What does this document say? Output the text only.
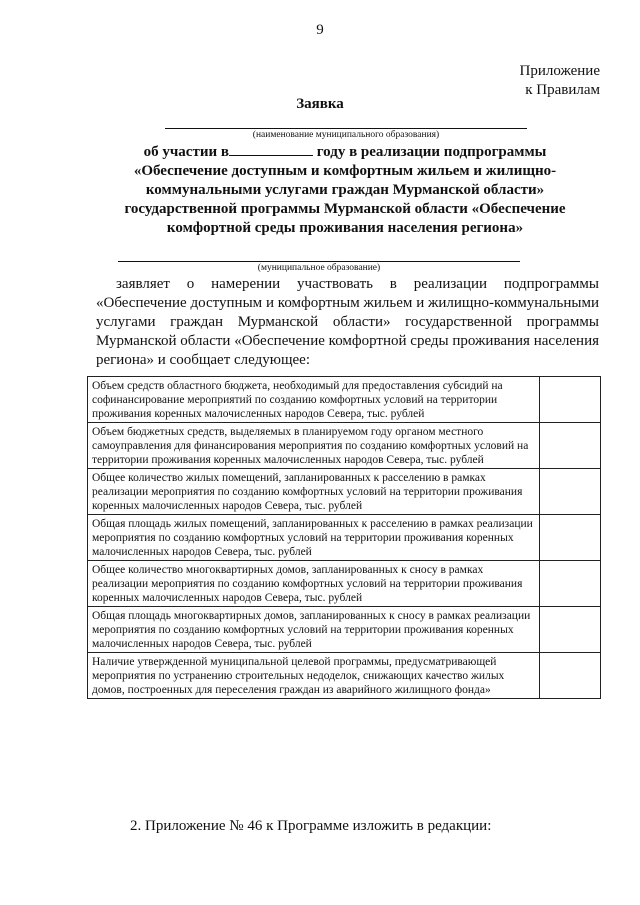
9
Приложение
к Правилам
Заявка
(наименование муниципального образования)
об участии в	году в реализации подпрограммы
«Обеспечение доступным и комфортным жильем и жилищно-
коммунальными услугами граждан Мурманской области»
государственной программы Мурманской области «Обеспечение
комфортной среды проживания населения региона»
(муниципальное образование)
заявляет о намерении участвовать в реализации подпрограммы «Обеспечение доступным и комфортным жильем и жилищно-коммунальными услугами граждан Мурманской области» государственной программы Мурманской области «Обеспечение комфортной среды проживания населения региона» и сообщает следующее:
Объем средств областного бюджета, необходимый для предоставления субсидий на софинансирование мероприятий по созданию комфортных условий на территории проживания коренных малочисленных народов Севера, тыс. рублей	
Объем бюджетных средств, выделяемых в планируемом году органом местного самоуправления для финансирования мероприятия по созданию комфортных условий на территории проживания коренных малочисленных народов Севера, тыс. рублей	
Общее количество жилых помещений, запланированных к расселению в рамках реализации мероприятия по созданию комфортных условий на территории проживания коренных малочисленных народов Севера, тыс. рублей	
Общая площадь жилых помещений, запланированных к расселению в рамках реализации мероприятия по созданию комфортных условий на территории проживания коренных малочисленных народов Севера, тыс. рублей	
Общее количество многоквартирных домов, запланированных к сносу в рамках реализации мероприятия по созданию комфортных условий на территории проживания коренных малочисленных народов Севера, тыс. рублей	
Общая площадь многоквартирных домов, запланированных к сносу в рамках реализации мероприятия по созданию комфортных условий на территории проживания коренных малочисленных народов Севера, тыс. рублей	
Наличие утвержденной муниципальной целевой программы, предусматривающей мероприятия по устранению строительных недоделок, снижающих качество жилых домов, построенных для переселения граждан из аварийного жилищного фонда»	
2. Приложение № 46 к Программе изложить в редакции:
